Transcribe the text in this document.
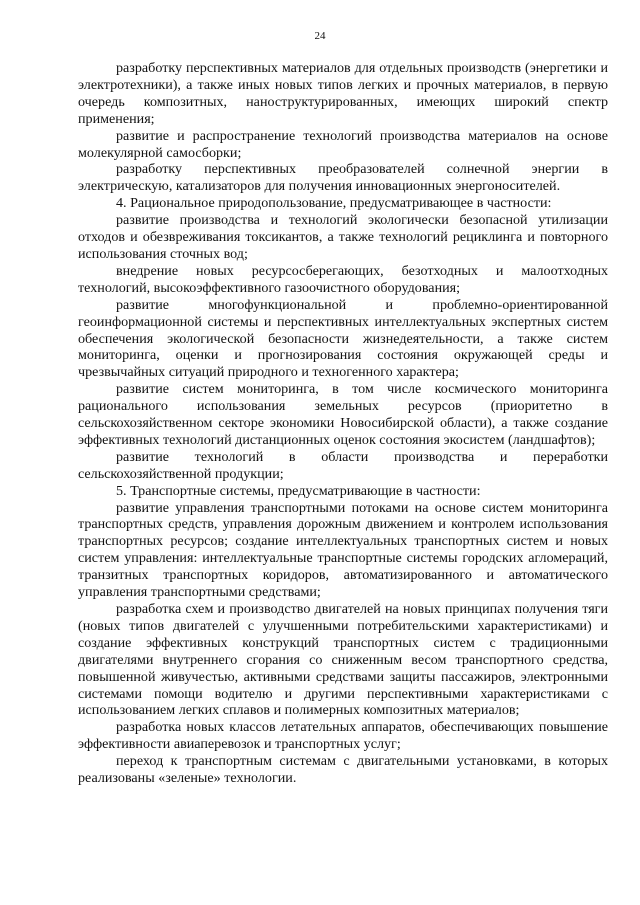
24

разработку перспективных материалов для отдельных производств (энергетики и электротехники), а также иных новых типов легких и прочных материалов, в первую очередь композитных, наноструктурированных, имеющих широкий спектр применения;

развитие и распространение технологий производства материалов на основе молекулярной самосборки;

разработку перспективных преобразователей солнечной энергии в электрическую, катализаторов для получения инновационных энергоносителей.

4. Рациональное природопользование, предусматривающее в частности:

развитие производства и технологий экологически безопасной утилизации отходов и обезвреживания токсикантов, а также технологий рециклинга и повторного использования сточных вод;

внедрение новых ресурсосберегающих, безотходных и малоотходных технологий, высокоэффективного газоочистного оборудования;

развитие многофункциональной и проблемно-ориентированной геоинформационной системы и перспективных интеллектуальных экспертных систем обеспечения экологической безопасности жизнедеятельности, а также систем мониторинга, оценки и прогнозирования состояния окружающей среды и чрезвычайных ситуаций природного и техногенного характера;

развитие систем мониторинга, в том числе космического мониторинга рационального использования земельных ресурсов (приоритетно в сельскохозяйственном секторе экономики Новосибирской области), а также создание эффективных технологий дистанционных оценок состояния экосистем (ландшафтов);

развитие технологий в области производства и переработки сельскохозяйственной продукции;

5. Транспортные системы, предусматривающие в частности:

развитие управления транспортными потоками на основе систем мониторинга транспортных средств, управления дорожным движением и контролем использования транспортных ресурсов; создание интеллектуальных транспортных систем и новых систем управления: интеллектуальные транспортные системы городских агломераций, транзитных транспортных коридоров, автоматизированного и автоматического управления транспортными средствами;

разработка схем и производство двигателей на новых принципах получения тяги (новых типов двигателей с улучшенными потребительскими характеристиками) и создание эффективных конструкций транспортных систем с традиционными двигателями внутреннего сгорания со сниженным весом транспортного средства, повышенной живучестью, активными средствами защиты пассажиров, электронными системами помощи водителю и другими перспективными характеристиками с использованием легких сплавов и полимерных композитных материалов;

разработка новых классов летательных аппаратов, обеспечивающих повышение эффективности авиаперевозок и транспортных услуг;

переход к транспортным системам с двигательными установками, в которых реализованы «зеленые» технологии.
